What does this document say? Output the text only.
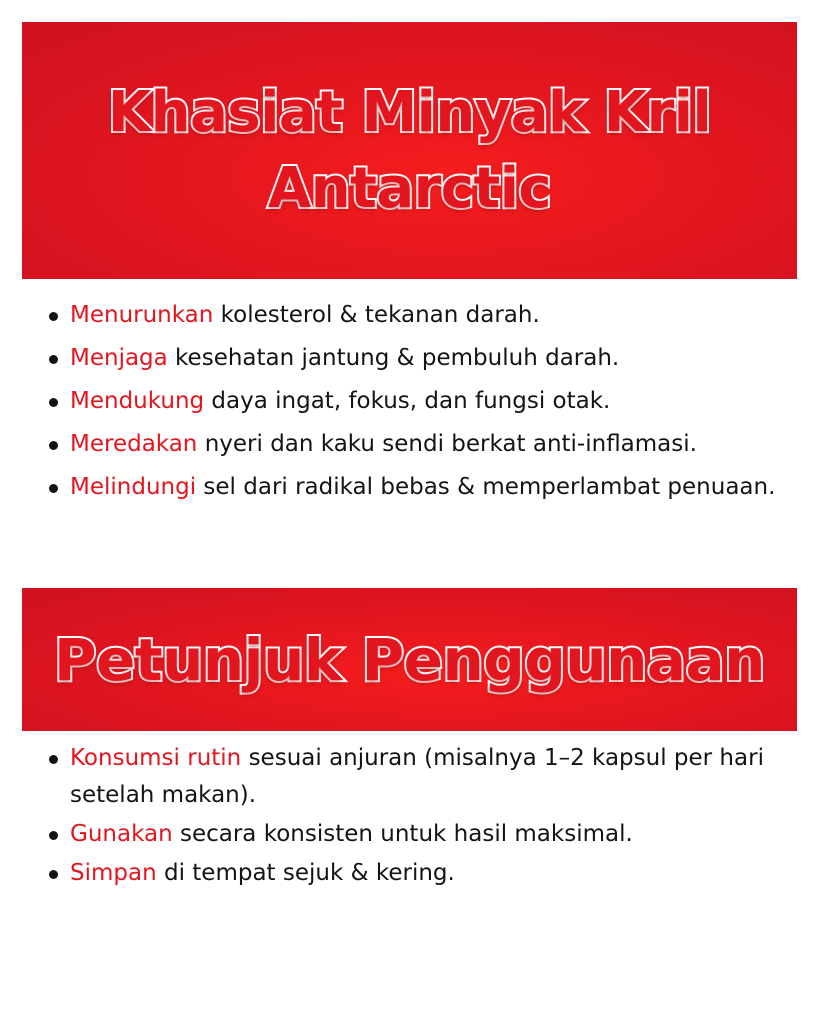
Khasiat Minyak Kril Antarctic
Menurunkan kolesterol & tekanan darah.
Menjaga kesehatan jantung & pembuluh darah.
Mendukung daya ingat, fokus, dan fungsi otak.
Meredakan nyeri dan kaku sendi berkat anti-inflamasi.
Melindungi sel dari radikal bebas & memperlambat penuaan.
Petunjuk Penggunaan
Konsumsi rutin sesuai anjuran (misalnya 1–2 kapsul per hari setelah makan).
Gunakan secara konsisten untuk hasil maksimal.
Simpan di tempat sejuk & kering.
